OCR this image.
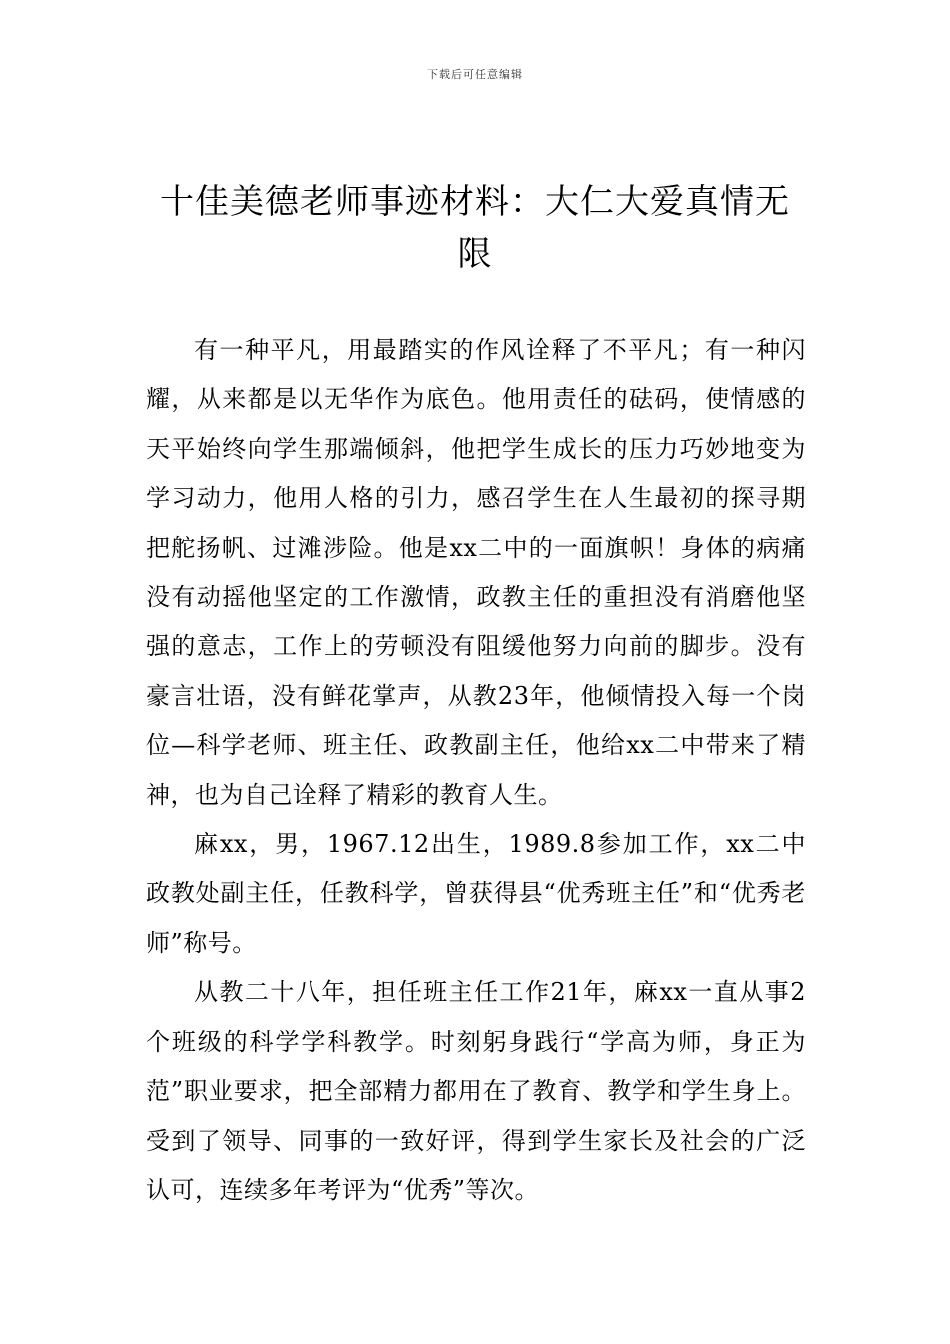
下载后可任意编辑
十佳美德老师事迹材料：大仁大爱真情无限

有一种平凡，用最踏实的作风诠释了不平凡；有一种闪耀，从来都是以无华作为底色。他用责任的砝码，使情感的天平始终向学生那端倾斜，他把学生成长的压力巧妙地变为学习动力，他用人格的引力，感召学生在人生最初的探寻期把舵扬帆、过滩涉险。他是xx二中的一面旗帜！身体的病痛没有动摇他坚定的工作激情，政教主任的重担没有消磨他坚强的意志，工作上的劳顿没有阻缓他努力向前的脚步。没有豪言壮语，没有鲜花掌声，从教23年，他倾情投入每一个岗位—科学老师、班主任、政教副主任，他给xx二中带来了精神，也为自己诠释了精彩的教育人生。

麻xx，男，1967.12出生，1989.8参加工作，xx二中政教处副主任，任教科学，曾获得县“优秀班主任”和“优秀老师”称号。

从教二十八年，担任班主任工作21年，麻xx一直从事2个班级的科学学科教学。时刻躬身践行“学高为师，身正为范”职业要求，把全部精力都用在了教育、教学和学生身上。受到了领导、同事的一致好评，得到学生家长及社会的广泛认可，连续多年考评为“优秀”等次。
